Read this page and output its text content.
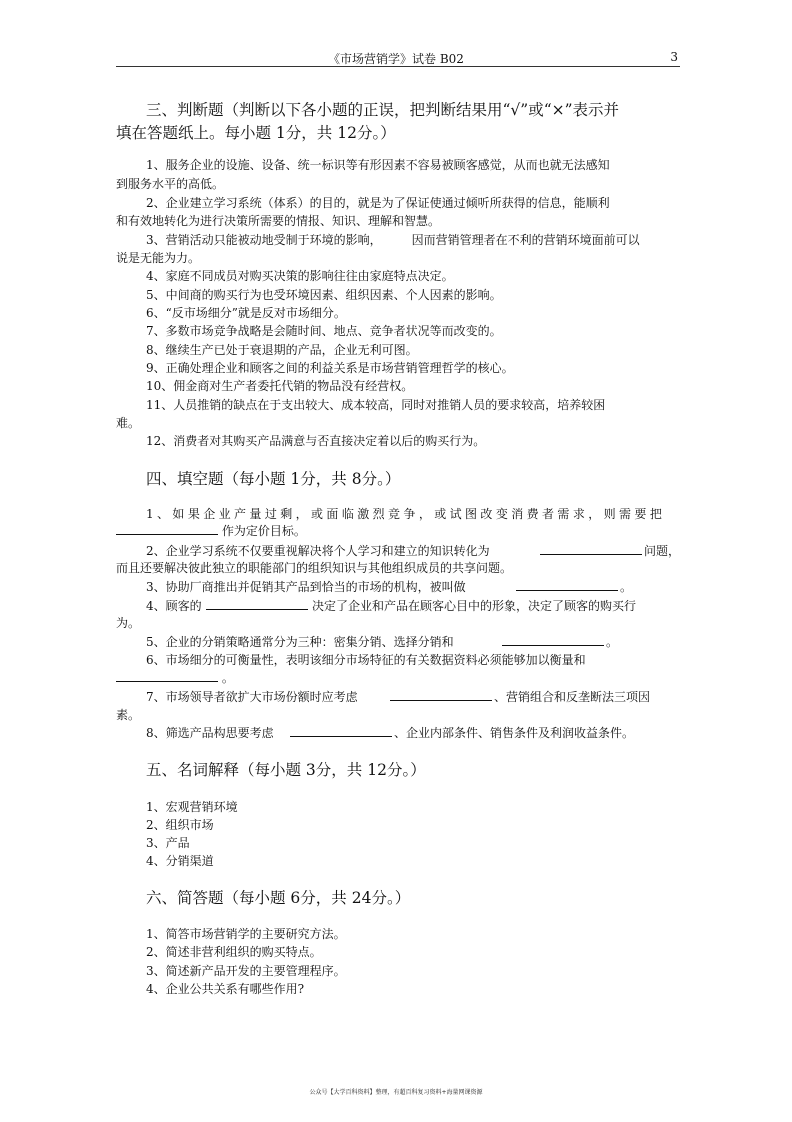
《市场营销学》试卷 B02	3
三、判断题（判断以下各小题的正误，把判断结果用“√”或“×”表示并
填在答题纸上。每小题 1分，共 12分。）
1、服务企业的设施、设备、统一标识等有形因素不容易被顾客感觉，从而也就无法感知
到服务水平的高低。
2、企业建立学习系统（体系）的目的，就是为了保证使通过倾听所获得的信息，能顺利
和有效地转化为进行决策所需要的情报、知识、理解和智慧。
3、营销活动只能被动地受制于环境的影响，　　　因而营销管理者在不利的营销环境面前可以
说是无能为力。
4、家庭不同成员对购买决策的影响往往由家庭特点决定。
5、中间商的购买行为也受环境因素、组织因素、个人因素的影响。
6、“反市场细分”就是反对市场细分。
7、多数市场竞争战略是会随时间、地点、竞争者状况等而改变的。
8、继续生产已处于衰退期的产品，企业无利可图。
9、正确处理企业和顾客之间的利益关系是市场营销管理哲学的核心。
10、佣金商对生产者委托代销的物品没有经营权。
11、人员推销的缺点在于支出较大、成本较高，同时对推销人员的要求较高，培养较困
难。
12、消费者对其购买产品满意与否直接决定着以后的购买行为。
四、填空题（每小题 1分，共 8分。）
1、如果企业产量过剩，或面临激烈竞争，或试图改变消费者需求，则需要把
作为定价目标。
2、企业学习系统不仅要重视解决将个人学习和建立的知识转化为	问题，
而且还要解决彼此独立的职能部门的组织知识与其他组织成员的共享问题。
3、协助厂商推出并促销其产品到恰当的市场的机构，被叫做	。
4、顾客的	决定了企业和产品在顾客心目中的形象，决定了顾客的购买行
为。
5、企业的分销策略通常分为三种：密集分销、选择分销和	。
6、市场细分的可衡量性，表明该细分市场特征的有关数据资料必须能够加以衡量和
。
7、市场领导者欲扩大市场份额时应考虑	、营销组合和反垄断法三项因
素。
8、筛选产品构思要考虑	、企业内部条件、销售条件及利润收益条件。
五、名词解释（每小题 3分，共 12分。）
1、宏观营销环境
2、组织市场
3、产品
4、分销渠道
六、简答题（每小题 6分，共 24分。）
1、简答市场营销学的主要研究方法。
2、简述非营利组织的购买特点。
3、简述新产品开发的主要管理程序。
4、企业公共关系有哪些作用?
公众号【大学百科资料】整理，有超百科复习资料+海量网课资源
